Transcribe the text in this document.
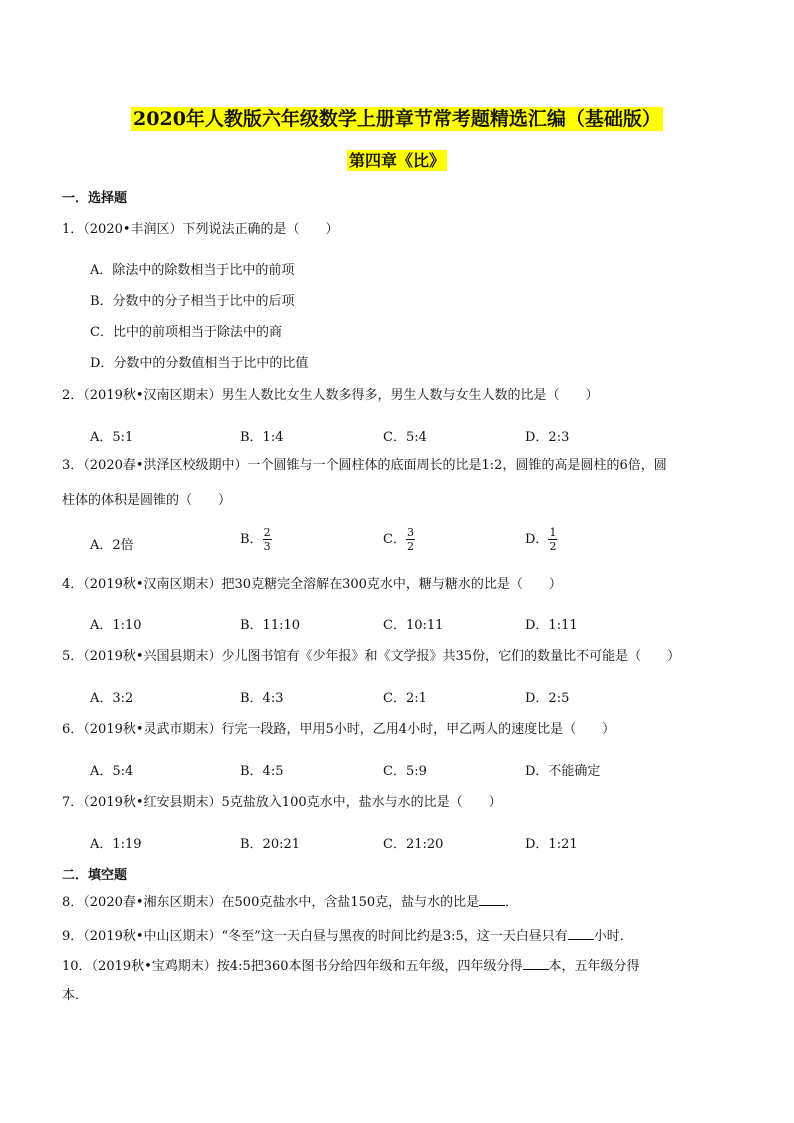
2020年人教版六年级数学上册章节常考题精选汇编（基础版）
第四章《比》
一．选择题
1．（2020•丰润区）下列说法正确的是（　　）
A．除法中的除数相当于比中的前项
B．分数中的分子相当于比中的后项
C．比中的前项相当于除法中的商
D．分数中的分数值相当于比中的比值
2．（2019秋•汉南区期末）男生人数比女生人数多得多，男生人数与女生人数的比是（　　）
A．5:1	B．1:4	C．5:4	D．2:3
3．（2020春•洪泽区校级期中）一个圆锥与一个圆柱体的底面周长的比是1:2，圆锥的高是圆柱的6倍，圆
柱体的体积是圆锥的（　　）
A．2倍	B． $\frac{2}{3}$	C． $\frac{3}{2}$	D． $\frac{1}{2}$
4．（2019秋•汉南区期末）把30克糖完全溶解在300克水中，糖与糖水的比是（　　）
A．1:10	B．11:10	C．10:11	D．1:11
5．（2019秋•兴国县期末）少儿图书馆有《少年报》和《文学报》共35份，它们的数量比不可能是（　　）
A．3:2	B．4:3	C．2:1	D．2:5
6．（2019秋•灵武市期末）行完一段路，甲用5小时，乙用4小时，甲乙两人的速度比是（　　）
A．5:4	B．4:5	C．5:9	D．不能确定
7．（2019秋•红安县期末）5克盐放入100克水中，盐水与水的比是（　　）
A．1:19	B．20:21	C．21:20	D．1:21
二．填空题
8．（2020春•湘东区期末）在500克盐水中，含盐150克，盐与水的比是 ．
9．（2019秋•中山区期末）“冬至”这一天白昼与黑夜的时间比约是3:5，这一天白昼只有 小时．
10．（2019秋•宝鸡期末）按4:5把360本图书分给四年级和五年级，四年级分得 本，五年级分得
本．
